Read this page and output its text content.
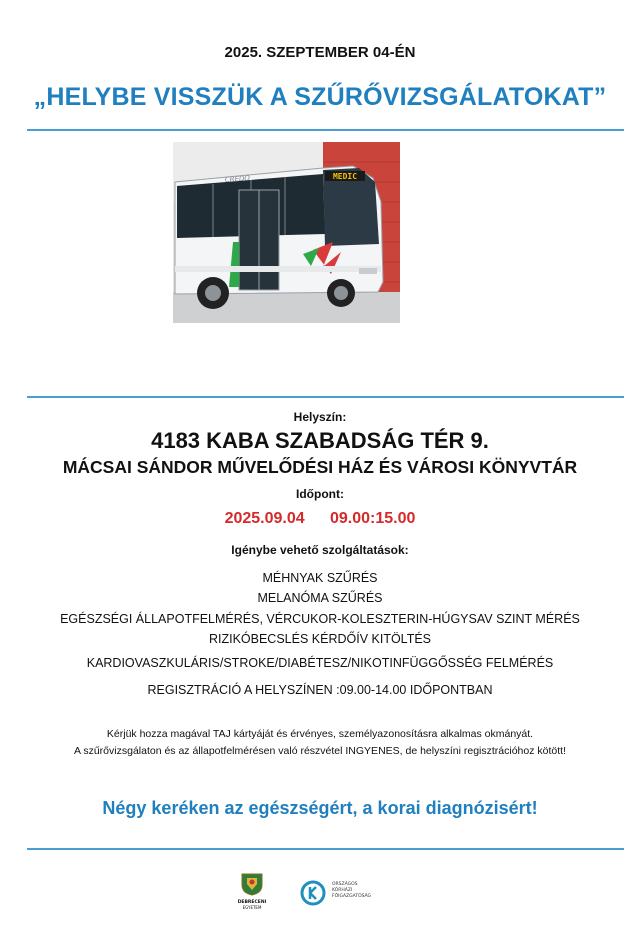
2025. SZEPTEMBER 04-ÉN
„HELYBE VISSZÜK A SZŰRŐVIZSGÁLATOKAT”
MEDIC
CREDO
Helyszín:
4183 KABA SZABADSÁG TÉR 9.
MÁCSAI SÁNDOR MŰVELŐDÉSI HÁZ ÉS VÁROSI KÖNYVTÁR
Időpont:
2025.09.04   09.00:15.00
Igénybe vehető szolgáltatások:
MÉHNYAK SZŰRÉS
MELANÓMA SZŰRÉS
EGÉSZSÉGI ÁLLAPOTFELMÉRÉS, VÉRCUKOR-KOLESZTERIN-HÚGYSAV SZINT MÉRÉS
RIZIKÓBECSLÉS KÉRDŐÍV KITÖLTÉS
KARDIOVASZKULÁRIS/STROKE/DIABÉTESZ/NIKOTINFÜGGŐSSÉG FELMÉRÉS
REGISZTRÁCIÓ A HELYSZÍNEN :09.00-14.00 IDŐPONTBAN
Kérjük hozza magával TAJ kártyáját és érvényes, személyazonosításra alkalmas okmányát.
A szűrővizsgálaton és az állapotfelmérésen való részvétel INGYENES, de helyszíni regisztrációhoz kötött!
Négy keréken az egészségért, a korai diagnózisért!
DEBRECENI
EGYETEM
ORSZÁGOS
KÓRHÁZI
FŐIGAZGATÓSÁG
